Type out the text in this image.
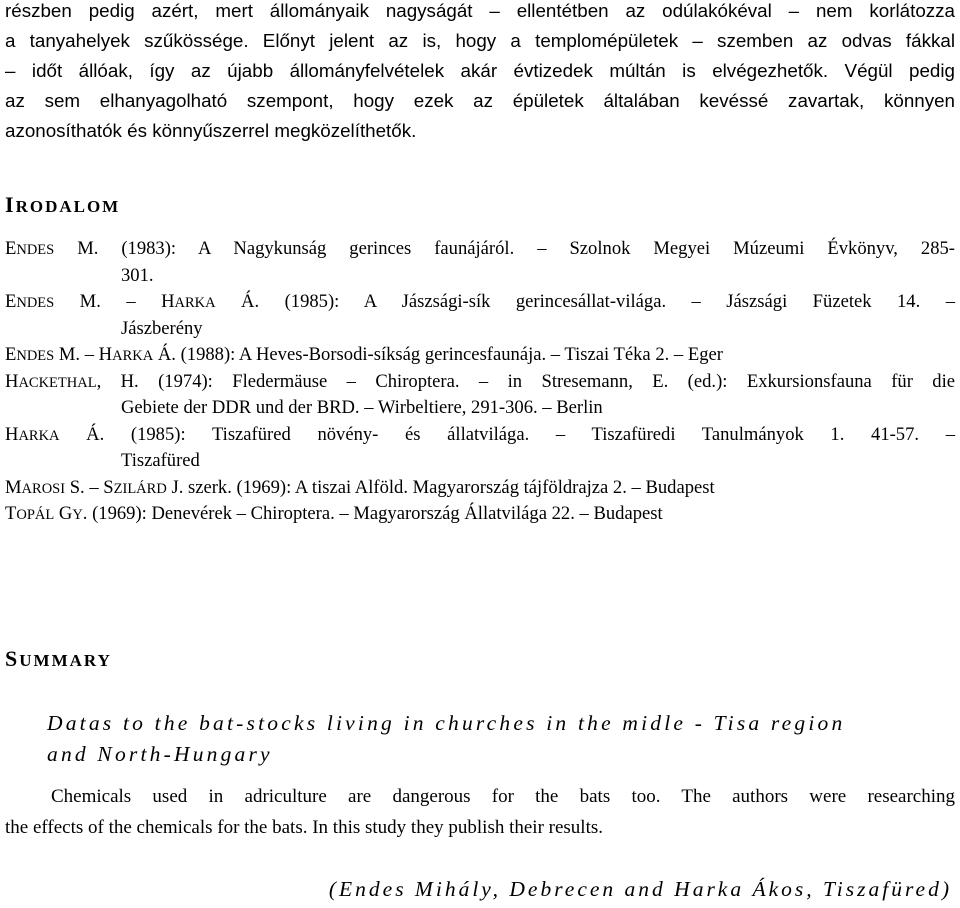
részben pedig azért, mert állományaik nagyságát – ellentétben az odúlakókéval – nem korlátozza
a tanyahelyek szűkössége. Előnyt jelent az is, hogy a templomépületek – szemben az odvas fákkal
– időt állóak, így az újabb állományfelvételek akár évtizedek múltán is elvégezhetők. Végül pedig
az sem elhanyagolható szempont, hogy ezek az épületek általában kevéssé zavartak, könnyen
azonosíthatók és könnyűszerrel megközelíthetők.
IRODALOM
ENDES M. (1983): A Nagykunság gerinces faunájáról. – Szolnok Megyei Múzeumi Évkönyv, 285-
301.
ENDES M. – HARKA Á. (1985): A Jászsági-sík gerincesállat-világa. – Jászsági Füzetek 14. –
Jászberény
ENDES M. – HARKA Á. (1988): A Heves-Borsodi-síkság gerincesfaunája. – Tiszai Téka 2. – Eger
HACKETHAL, H. (1974): Fledermäuse – Chiroptera. – in Stresemann, E. (ed.): Exkursionsfauna für die
Gebiete der DDR und der BRD. – Wirbeltiere, 291-306. – Berlin
HARKA Á. (1985): Tiszafüred növény- és állatvilága. – Tiszafüredi Tanulmányok 1. 41-57. –
Tiszafüred
MAROSI S. – SZILÁRD J. szerk. (1969): A tiszai Alföld. Magyarország tájföldrajza 2. – Budapest
TOPÁL GY. (1969): Denevérek – Chiroptera. – Magyarország Állatvilága 22. – Budapest
SUMMARY
Datas to the bat-stocks living in churches in the midle - Tisa region
and North-Hungary
Chemicals used in adriculture are dangerous for the bats too. The authors were researching
the effects of the chemicals for the bats. In this study they publish their results.
(Endes Mihály, Debrecen and Harka Ákos, Tiszafüred)
